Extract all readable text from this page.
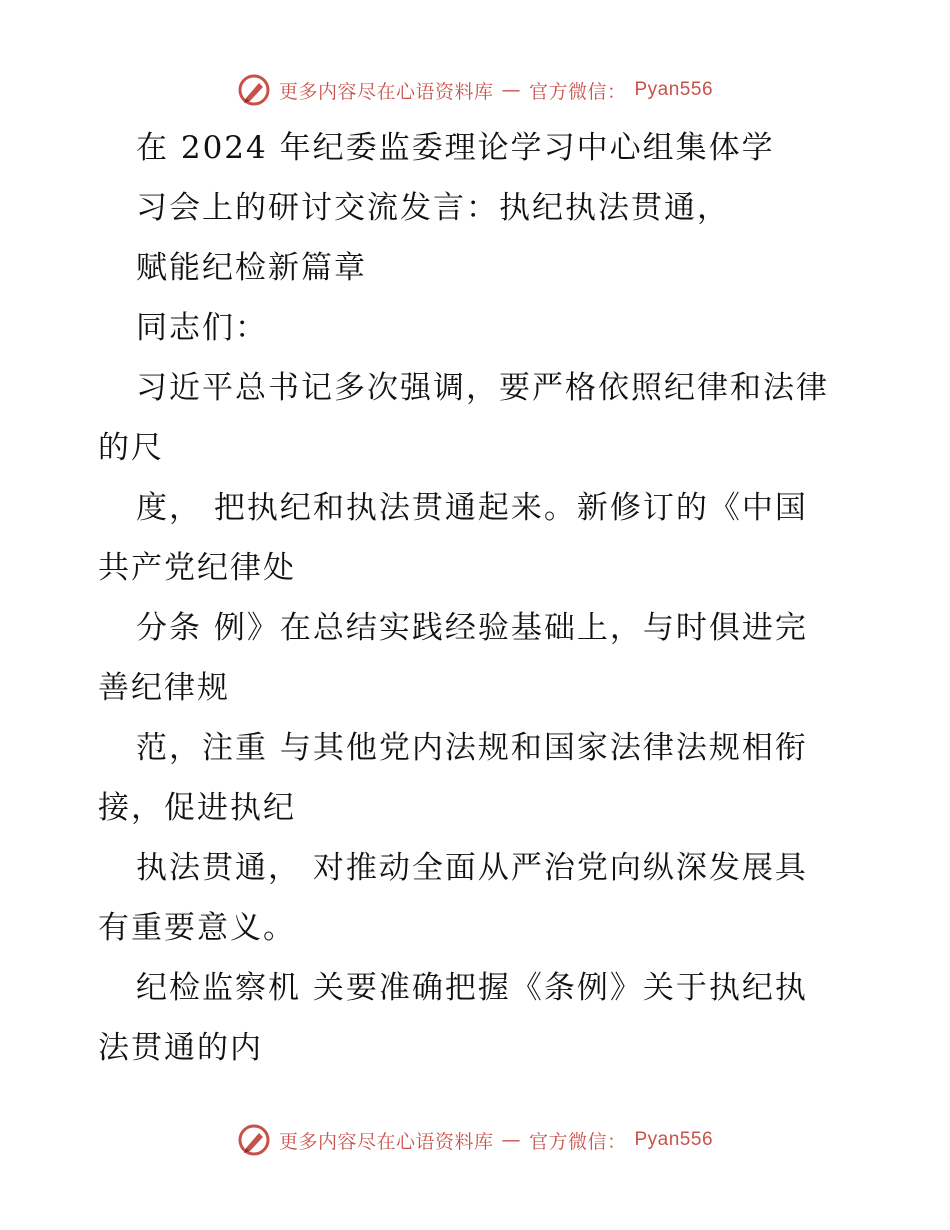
更多内容尽在心语资料库 — 官方微信： Pyan556
在 2024 年纪委监委理论学习中心组集体学
习会上的研讨交流发言：执纪执法贯通，
赋能纪检新篇章
同志们：
习近平总书记多次强调，要严格依照纪律和法律
的尺
度， 把执纪和执法贯通起来。新修订的《中国
共产党纪律处
分条 例》在总结实践经验基础上，与时俱进完
善纪律规
范，注重 与其他党内法规和国家法律法规相衔
接，促进执纪
执法贯通， 对推动全面从严治党向纵深发展具
有重要意义。
纪检监察机 关要准确把握《条例》关于执纪执
法贯通的内
更多内容尽在心语资料库 — 官方微信： Pyan556
